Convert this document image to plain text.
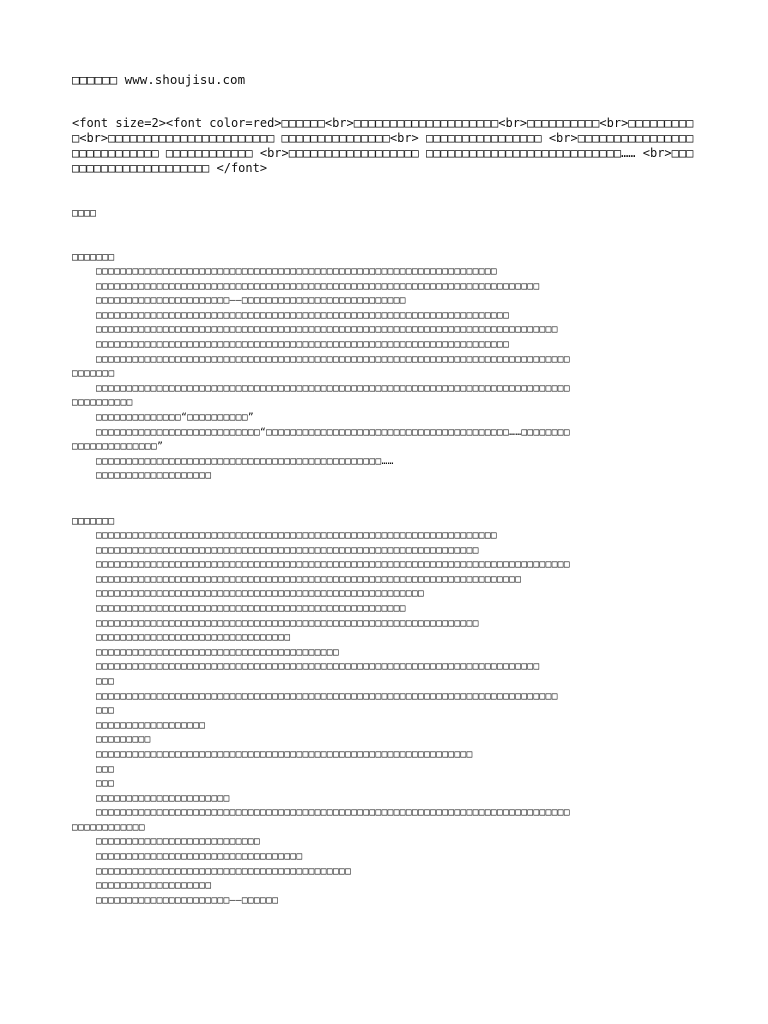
□□□□□□ www.shoujisu.com
<font size=2><font color=red>□□□□□□<br>□□□□□□□□□□□□□□□□□□□□<br>□□□□□□□□□□<br>□□□□□□□□□□<br>□□□□□□□□□□□□□□□□□□□□□□□ □□□□□□□□□□□□□□□<br> □□□□□□□□□□□□□□□□ <br>□□□□□□□□□□□□□□□□ □□□□□□□□□□□□ □□□□□□□□□□□□ <br>□□□□□□□□□□□□□□□□□□ □□□□□□□□□□□□□□□□□□□□□□□□□□□…… <br>□□□□□□□□□□□□□□□□□□□□□□ </font>
□□□□
□□□□□□□
□□□□□□□□□□□□□□□□□□□□□□□□□□□□□□□□□□□□□□□□□□□□□□□□□□□□□□□□□□□□□□□□□□
□□□□□□□□□□□□□□□□□□□□□□□□□□□□□□□□□□□□□□□□□□□□□□□□□□□□□□□□□□□□□□□□□□□□□□□□□
□□□□□□□□□□□□□□□□□□□□□□——□□□□□□□□□□□□□□□□□□□□□□□□□□□
□□□□□□□□□□□□□□□□□□□□□□□□□□□□□□□□□□□□□□□□□□□□□□□□□□□□□□□□□□□□□□□□□□□□
□□□□□□□□□□□□□□□□□□□□□□□□□□□□□□□□□□□□□□□□□□□□□□□□□□□□□□□□□□□□□□□□□□□□□□□□□□□□
□□□□□□□□□□□□□□□□□□□□□□□□□□□□□□□□□□□□□□□□□□□□□□□□□□□□□□□□□□□□□□□□□□□□
□□□□□□□□□□□□□□□□□□□□□□□□□□□□□□□□□□□□□□□□□□□□□□□□□□□□□□□□□□□□□□□□□□□□□□□□□□□□□□
□□□□□□□
□□□□□□□□□□□□□□□□□□□□□□□□□□□□□□□□□□□□□□□□□□□□□□□□□□□□□□□□□□□□□□□□□□□□□□□□□□□□□□
□□□□□□□□□□
□□□□□□□□□□□□□□“□□□□□□□□□□”
□□□□□□□□□□□□□□□□□□□□□□□□□□□“□□□□□□□□□□□□□□□□□□□□□□□□□□□□□□□□□□□□□□□□……□□□□□□□□
□□□□□□□□□□□□□□”
□□□□□□□□□□□□□□□□□□□□□□□□□□□□□□□□□□□□□□□□□□□□□□□……
□□□□□□□□□□□□□□□□□□□
□□□□□□□
□□□□□□□□□□□□□□□□□□□□□□□□□□□□□□□□□□□□□□□□□□□□□□□□□□□□□□□□□□□□□□□□□□
□□□□□□□□□□□□□□□□□□□□□□□□□□□□□□□□□□□□□□□□□□□□□□□□□□□□□□□□□□□□□□□
□□□□□□□□□□□□□□□□□□□□□□□□□□□□□□□□□□□□□□□□□□□□□□□□□□□□□□□□□□□□□□□□□□□□□□□□□□□□□□
□□□□□□□□□□□□□□□□□□□□□□□□□□□□□□□□□□□□□□□□□□□□□□□□□□□□□□□□□□□□□□□□□□□□□□
□□□□□□□□□□□□□□□□□□□□□□□□□□□□□□□□□□□□□□□□□□□□□□□□□□□□□□
□□□□□□□□□□□□□□□□□□□□□□□□□□□□□□□□□□□□□□□□□□□□□□□□□□□
□□□□□□□□□□□□□□□□□□□□□□□□□□□□□□□□□□□□□□□□□□□□□□□□□□□□□□□□□□□□□□□
□□□□□□□□□□□□□□□□□□□□□□□□□□□□□□□□
□□□□□□□□□□□□□□□□□□□□□□□□□□□□□□□□□□□□□□□□
□□□□□□□□□□□□□□□□□□□□□□□□□□□□□□□□□□□□□□□□□□□□□□□□□□□□□□□□□□□□□□□□□□□□□□□□□
□□□
□□□□□□□□□□□□□□□□□□□□□□□□□□□□□□□□□□□□□□□□□□□□□□□□□□□□□□□□□□□□□□□□□□□□□□□□□□□□
□□□
□□□□□□□□□□□□□□□□□□
□□□□□□□□□
□□□□□□□□□□□□□□□□□□□□□□□□□□□□□□□□□□□□□□□□□□□□□□□□□□□□□□□□□□□□□□
□□□
□□□
□□□□□□□□□□□□□□□□□□□□□□
□□□□□□□□□□□□□□□□□□□□□□□□□□□□□□□□□□□□□□□□□□□□□□□□□□□□□□□□□□□□□□□□□□□□□□□□□□□□□□
□□□□□□□□□□□□
□□□□□□□□□□□□□□□□□□□□□□□□□□□
□□□□□□□□□□□□□□□□□□□□□□□□□□□□□□□□□□
□□□□□□□□□□□□□□□□□□□□□□□□□□□□□□□□□□□□□□□□□□
□□□□□□□□□□□□□□□□□□□
□□□□□□□□□□□□□□□□□□□□□□——□□□□□□
